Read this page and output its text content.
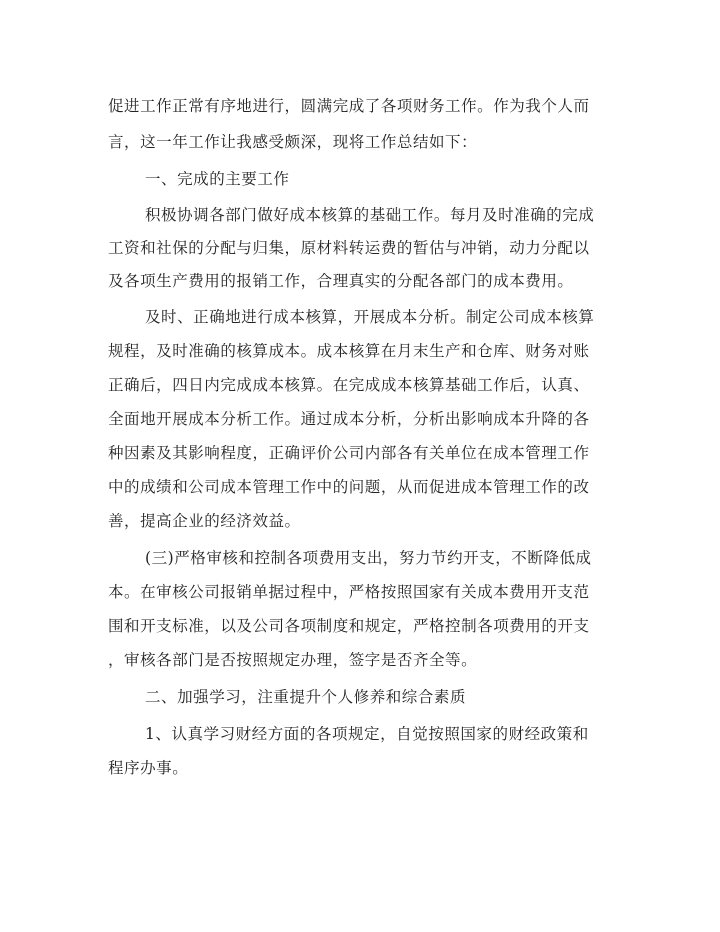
促进工作正常有序地进行，圆满完成了各项财务工作。作为我个人而
言，这一年工作让我感受颇深，现将工作总结如下：
一、完成的主要工作
积极协调各部门做好成本核算的基础工作。每月及时准确的完成
工资和社保的分配与归集，原材料转运费的暂估与冲销，动力分配以
及各项生产费用的报销工作，合理真实的分配各部门的成本费用。
及时、正确地进行成本核算，开展成本分析。制定公司成本核算
规程，及时准确的核算成本。成本核算在月末生产和仓库、财务对账
正确后，四日内完成成本核算。在完成成本核算基础工作后，认真、
全面地开展成本分析工作。通过成本分析，分析出影响成本升降的各
种因素及其影响程度，正确评价公司内部各有关单位在成本管理工作
中的成绩和公司成本管理工作中的问题，从而促进成本管理工作的改
善，提高企业的经济效益。
(三)严格审核和控制各项费用支出，努力节约开支，不断降低成
本。在审核公司报销单据过程中，严格按照国家有关成本费用开支范
围和开支标准，以及公司各项制度和规定，严格控制各项费用的开支
，审核各部门是否按照规定办理，签字是否齐全等。
二、加强学习，注重提升个人修养和综合素质
1、认真学习财经方面的各项规定，自觉按照国家的财经政策和
程序办事。
